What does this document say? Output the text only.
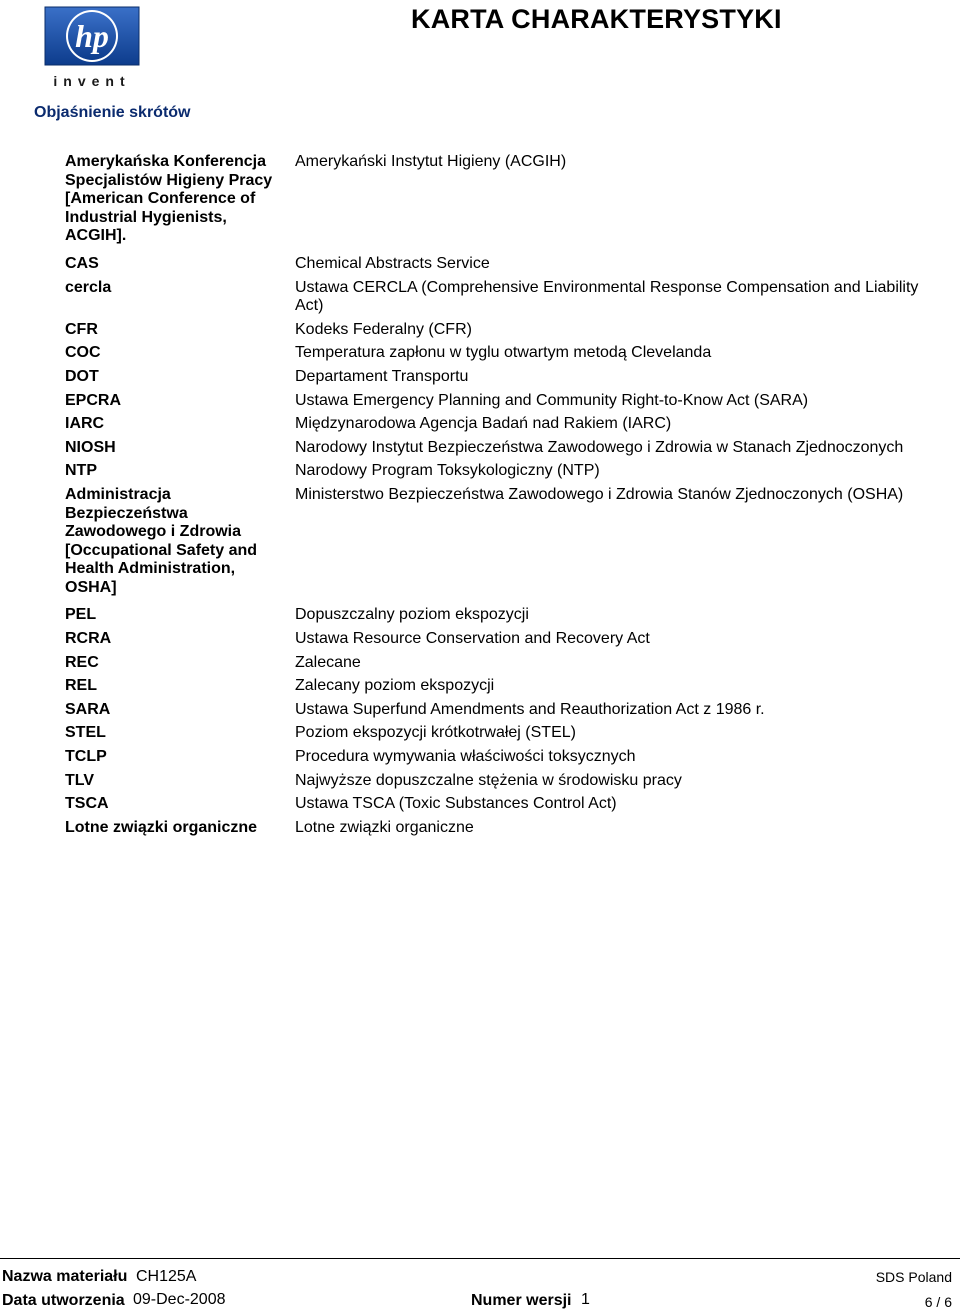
hp
invent
KARTA CHARAKTERYSTYKI
Objaśnienie skrótów
Amerykańska Konferencja Specjalistów Higieny Pracy [American Conference of Industrial Hygienists, ACGIH].	Amerykański Instytut Higieny (ACGIH)
CAS	Chemical Abstracts Service
cercla	Ustawa CERCLA (Comprehensive Environmental Response Compensation and Liability Act)
CFR	Kodeks Federalny (CFR)
COC	Temperatura zapłonu w tyglu otwartym metodą Clevelanda
DOT	Departament Transportu
EPCRA	Ustawa Emergency Planning and Community Right-to-Know Act (SARA)
IARC	Międzynarodowa Agencja Badań nad Rakiem (IARC)
NIOSH	Narodowy Instytut Bezpieczeństwa Zawodowego i Zdrowia w Stanach Zjednoczonych
NTP	Narodowy Program Toksykologiczny (NTP)
Administracja Bezpieczeństwa Zawodowego i Zdrowia [Occupational Safety and Health Administration, OSHA]	Ministerstwo Bezpieczeństwa Zawodowego i Zdrowia Stanów Zjednoczonych (OSHA)
PEL	Dopuszczalny poziom ekspozycji
RCRA	Ustawa Resource Conservation and Recovery Act
REC	Zalecane
REL	Zalecany poziom ekspozycji
SARA	Ustawa Superfund Amendments and Reauthorization Act z 1986 r.
STEL	Poziom ekspozycji krótkotrwałej (STEL)
TCLP	Procedura wymywania właściwości toksycznych
TLV	Najwyższe dopuszczalne stężenia w środowisku pracy
TSCA	Ustawa TSCA (Toxic Substances Control Act)
Lotne związki organiczne	Lotne związki organiczne
Nazwa materiału CH125A	SDS Poland
Data utworzenia 09-Dec-2008	Numer wersji 1	6 / 6
